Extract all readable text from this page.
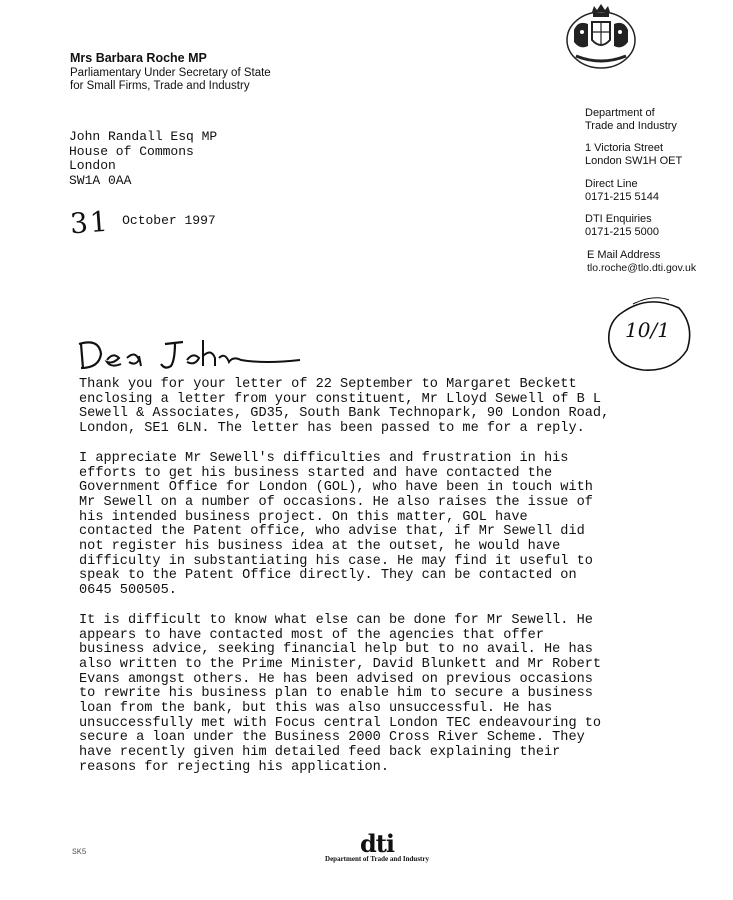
Mrs Barbara Roche MP
Parliamentary Under Secretary of State
for Small Firms, Trade and Industry
Department of
Trade and Industry
1 Victoria Street
London SW1H OET
Direct Line
0171-215 5144
DTI Enquiries
0171-215 5000
E Mail Address
tlo.roche@tlo.dti.gov.uk
John Randall Esq MP
House of Commons
London
SW1A 0AA
31 $^{October 1997}$
10/1

Thank you for your letter of 22 September to Margaret Beckett
enclosing a letter from your constituent, Mr Lloyd Sewell of B L
Sewell & Associates, GD35, South Bank Technopark, 90 London Road,
London, SE1 6LN. The letter has been passed to me for a reply.

I appreciate Mr Sewell's difficulties and frustration in his
efforts to get his business started and have contacted the
Government Office for London (GOL), who have been in touch with
Mr Sewell on a number of occasions. He also raises the issue of
his intended business project. On this matter, GOL have
contacted the Patent office, who advise that, if Mr Sewell did
not register his business idea at the outset, he would have
difficulty in substantiating his case. He may find it useful to
speak to the Patent Office directly. They can be contacted on
0645 500505.

It is difficult to know what else can be done for Mr Sewell. He
appears to have contacted most of the agencies that offer
business advice, seeking financial help but to no avail. He has
also written to the Prime Minister, David Blunkett and Mr Robert
Evans amongst others. He has been advised on previous occasions
to rewrite his business plan to enable him to secure a business
loan from the bank, but this was also unsuccessful. He has
unsuccessfully met with Focus central London TEC endeavouring to
secure a loan under the Business 2000 Cross River Scheme. They
have recently given him detailed feed back explaining their
reasons for rejecting his application.

SK5	dti
Department of Trade and Industry
